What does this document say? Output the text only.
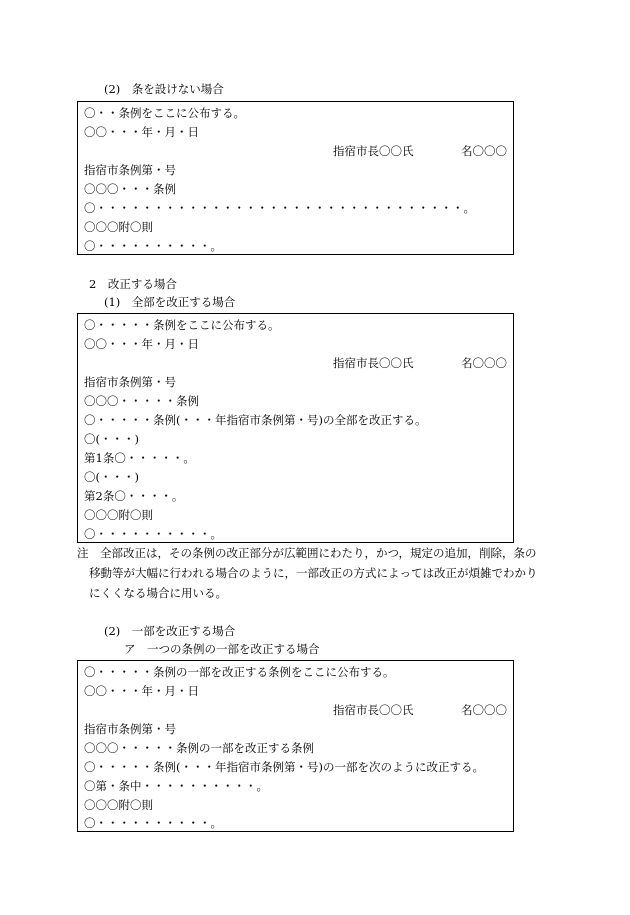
(2)　条を設けない場合
〇・・条例をここに公布する。
〇〇・・・年・月・日
指宿市長〇〇氏	名〇〇〇
指宿市条例第・号
〇〇〇・・・条例
〇・・・・・・・・・・・・・・・・・・・・・・・・・・・・・・・・。
〇〇〇附〇則
〇・・・・・・・・・・。
2　改正する場合
(1)　全部を改正する場合
〇・・・・・条例をここに公布する。
〇〇・・・年・月・日
指宿市長〇〇氏	名〇〇〇
指宿市条例第・号
〇〇〇・・・・・条例
〇・・・・・条例(・・・年指宿市条例第・号)の全部を改正する。
〇(・・・)
第1条〇・・・・・。
〇(・・・)
第2条〇・・・・。
〇〇〇附〇則
〇・・・・・・・・・・。
注　全部改正は，その条例の改正部分が広範囲にわたり，かつ，規定の追加，削除，条の
移動等が大幅に行われる場合のように，一部改正の方式によっては改正が煩雑でわかり
にくくなる場合に用いる。
(2)　一部を改正する場合
ア　一つの条例の一部を改正する場合
〇・・・・・条例の一部を改正する条例をここに公布する。
〇〇・・・年・月・日
指宿市長〇〇氏	名〇〇〇
指宿市条例第・号
〇〇〇・・・・・条例の一部を改正する条例
〇・・・・・条例(・・・年指宿市条例第・号)の一部を次のように改正する。
〇第・条中・・・・・・・・・・。
〇〇〇附〇則
〇・・・・・・・・・・。
